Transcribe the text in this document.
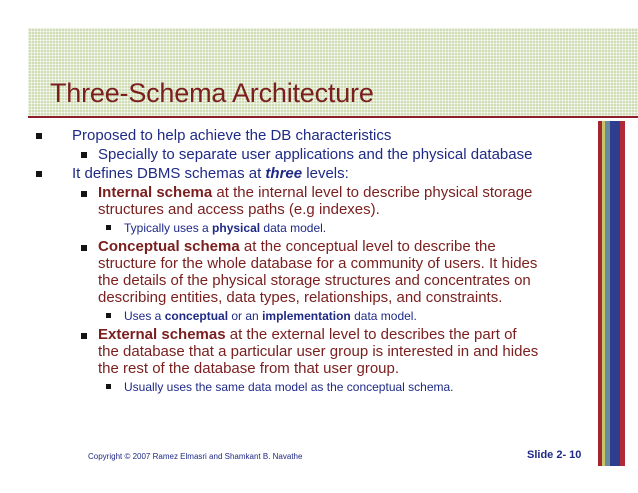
Three-Schema Architecture
Proposed to help achieve the DB characteristics
Specially to separate user applications and the physical database
It defines DBMS schemas at three levels:
Internal schema at the internal level to describe physical storage
structures and access paths (e.g indexes).
Typically uses a physical data model.
Conceptual schema at the conceptual level to describe the
structure for the whole database for a community of users. It hides
the details of the physical storage structures and concentrates on
describing entities, data types, relationships, and constraints.
Uses a conceptual or an implementation data model.
External schemas at the external level to describes the part of
the database that a particular user group is interested in and hides
the rest of the database from that user group.
Usually uses the same data model as the conceptual schema.
Copyright © 2007 Ramez Elmasri and Shamkant B. Navathe	Slide 2- 10
